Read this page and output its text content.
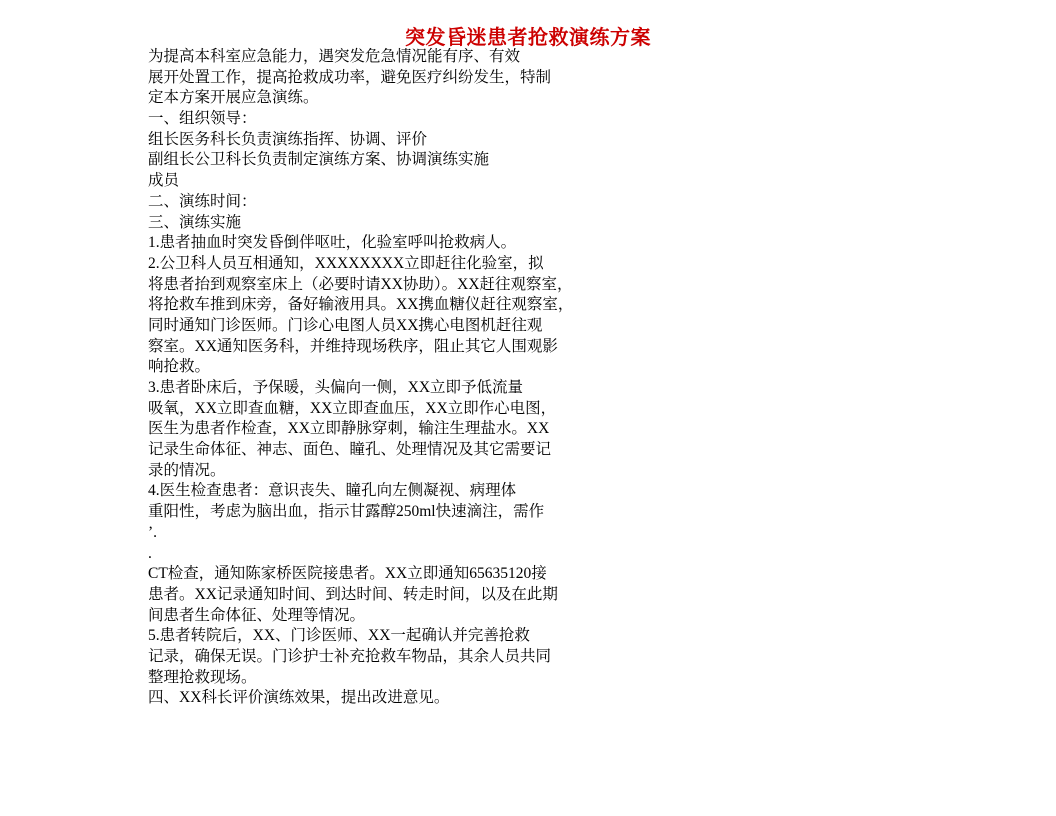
突发昏迷患者抢救演练方案
为提高本科室应急能力，遇突发危急情况能有序、有效
展开处置工作，提高抢救成功率，避免医疗纠纷发生，特制
定本方案开展应急演练。
一、组织领导：
组长医务科长负责演练指挥、协调、评价
副组长公卫科长负责制定演练方案、协调演练实施
成员
二、演练时间：
三、演练实施
1.患者抽血时突发昏倒伴呕吐，化验室呼叫抢救病人。
2.公卫科人员互相通知，XXXXXXXX立即赶往化验室，拟
将患者抬到观察室床上（必要时请XX协助）。XX赶往观察室，
将抢救车推到床旁，备好输液用具。XX携血糖仪赶往观察室，
同时通知门诊医师。门诊心电图人员XX携心电图机赶往观
察室。XX通知医务科，并维持现场秩序，阻止其它人围观影
响抢救。
3.患者卧床后，予保暖，头偏向一侧，XX立即予低流量
吸氧，XX立即查血糖，XX立即查血压，XX立即作心电图，
医生为患者作检查，XX立即静脉穿刺，输注生理盐水。XX
记录生命体征、神志、面色、瞳孔、处理情况及其它需要记
录的情况。
4.医生检查患者：意识丧失、瞳孔向左侧凝视、病理体
重阳性，考虑为脑出血，指示甘露醇250ml快速滴注，需作
’.
.
CT检查，通知陈家桥医院接患者。XX立即通知65635120接
患者。XX记录通知时间、到达时间、转走时间，以及在此期
间患者生命体征、处理等情况。
5.患者转院后，XX、门诊医师、XX一起确认并完善抢救
记录，确保无误。门诊护士补充抢救车物品，其余人员共同
整理抢救现场。
四、XX科长评价演练效果，提出改进意见。
